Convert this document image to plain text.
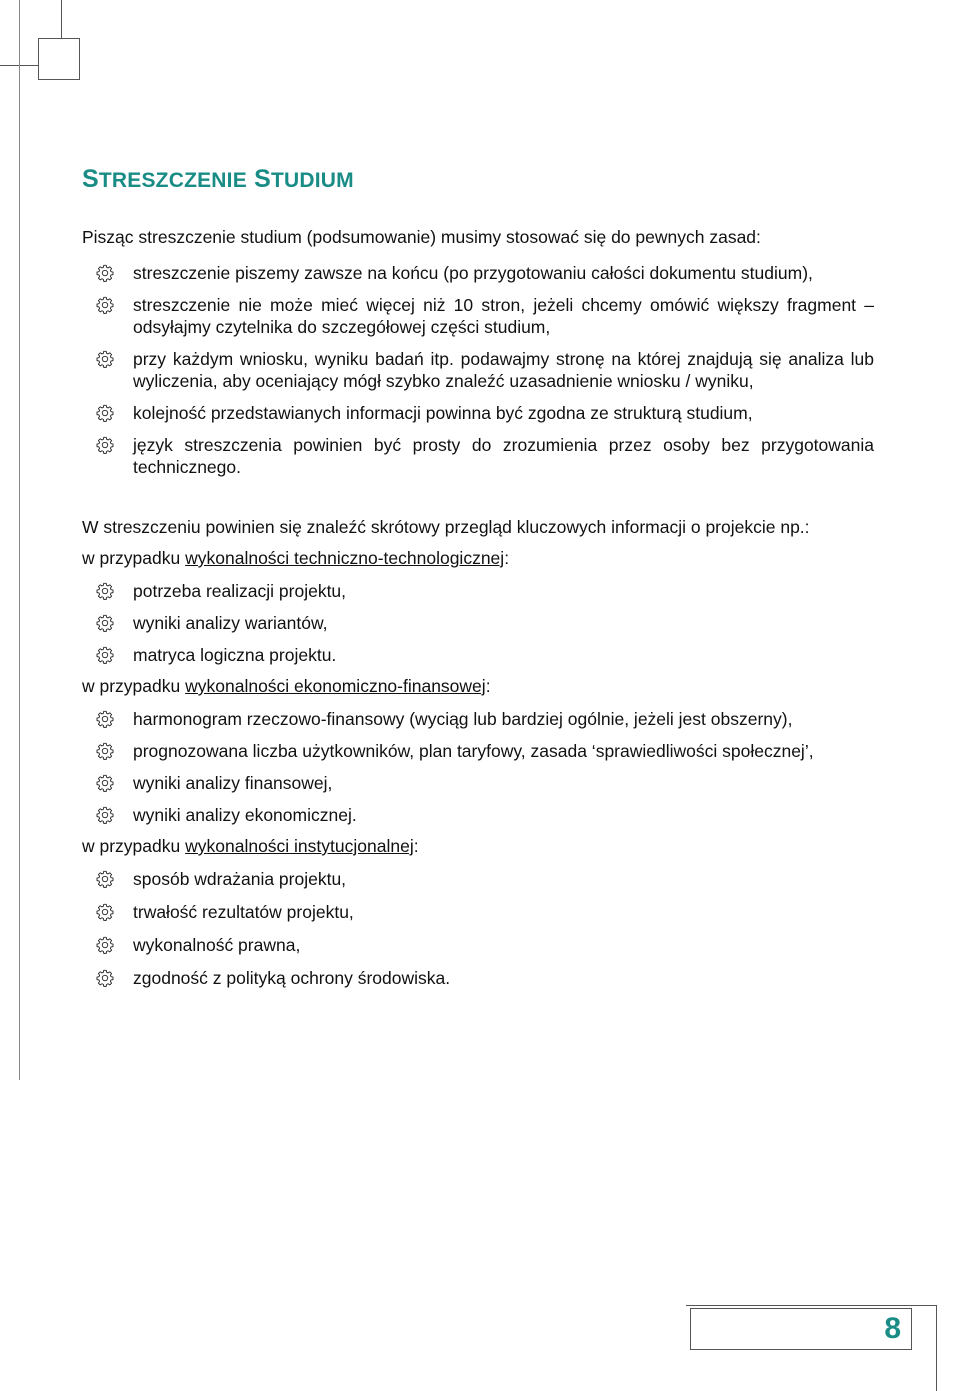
8
STRESZCZENIE STUDIUM

Pisząc streszczenie studium (podsumowanie) musimy stosować się do pewnych zasad:

streszczenie piszemy zawsze na końcu (po przygotowaniu całości dokumentu studium),
streszczenie nie może mieć więcej niż 10 stron, jeżeli chcemy omówić większy fragment – odsyłajmy czytelnika do szczegółowej części studium,
przy każdym wniosku, wyniku badań itp. podawajmy stronę na której znajdują się analiza lub wyliczenia, aby oceniający mógł szybko znaleźć uzasadnienie wniosku / wyniku,
kolejność przedstawianych informacji powinna być zgodna ze strukturą studium,
język streszczenia powinien być prosty do zrozumienia przez osoby bez przygotowania technicznego.

W streszczeniu powinien się znaleźć skrótowy przegląd kluczowych informacji o projekcie np.:

w przypadku wykonalności techniczno-technologicznej:

potrzeba realizacji projektu,
wyniki analizy wariantów,
matryca logiczna projektu.

w przypadku wykonalności ekonomiczno-finansowej:

harmonogram rzeczowo-finansowy (wyciąg lub bardziej ogólnie, jeżeli jest obszerny),
prognozowana liczba użytkowników, plan taryfowy, zasada ‘sprawiedliwości społecznej’,
wyniki analizy finansowej,
wyniki analizy ekonomicznej.

w przypadku wykonalności instytucjonalnej:

sposób wdrażania projektu,
trwałość rezultatów projektu,
wykonalność prawna,
zgodność z polityką ochrony środowiska.
